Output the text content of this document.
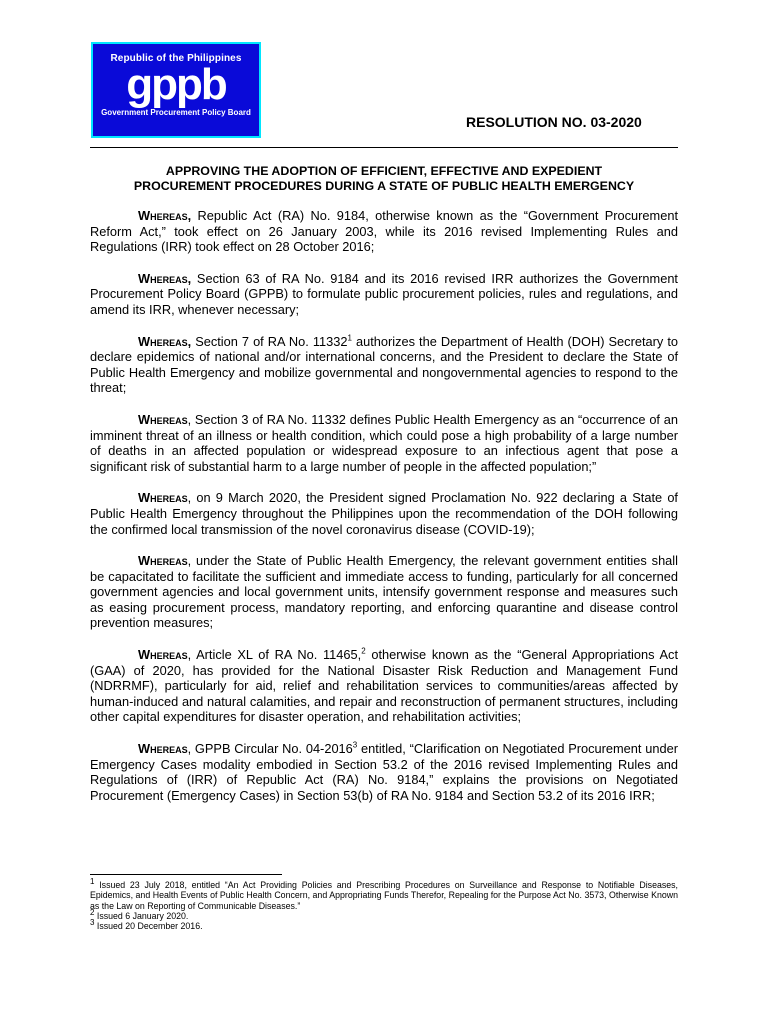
Republic of the Philippines
gppb
Government Procurement Policy Board
RESOLUTION NO. 03-2020
APPROVING THE ADOPTION OF EFFICIENT, EFFECTIVE AND EXPEDIENT
PROCUREMENT PROCEDURES DURING A STATE OF PUBLIC HEALTH EMERGENCY

Whereas, Republic Act (RA) No. 9184, otherwise known as the “Government Procurement Reform Act,” took effect on 26 January 2003, while its 2016 revised Implementing Rules and Regulations (IRR) took effect on 28 October 2016;

Whereas, Section 63 of RA No. 9184 and its 2016 revised IRR authorizes the Government Procurement Policy Board (GPPB) to formulate public procurement policies, rules and regulations, and amend its IRR, whenever necessary;

Whereas, Section 7 of RA No. 11332$^1$ authorizes the Department of Health (DOH) Secretary to declare epidemics of national and/or international concerns, and the President to declare the State of Public Health Emergency and mobilize governmental and nongovernmental agencies to respond to the threat;

Whereas, Section 3 of RA No. 11332 defines Public Health Emergency as an “occurrence of an imminent threat of an illness or health condition, which could pose a high probability of a large number of deaths in an affected population or widespread exposure to an infectious agent that pose a significant risk of substantial harm to a large number of people in the affected population;”

Whereas, on 9 March 2020, the President signed Proclamation No. 922 declaring a State of Public Health Emergency throughout the Philippines upon the recommendation of the DOH following the confirmed local transmission of the novel coronavirus disease (COVID-19);

Whereas, under the State of Public Health Emergency, the relevant government entities shall be capacitated to facilitate the sufficient and immediate access to funding, particularly for all concerned government agencies and local government units, intensify government response and measures such as easing procurement process, mandatory reporting, and enforcing quarantine and disease control prevention measures;

Whereas, Article XL of RA No. 11465,$^2$ otherwise known as the “General Appropriations Act (GAA) of 2020, has provided for the National Disaster Risk Reduction and Management Fund (NDRRMF), particularly for aid, relief and rehabilitation services to communities/areas affected by human-induced and natural calamities, and repair and reconstruction of permanent structures, including other capital expenditures for disaster operation, and rehabilitation activities;

Whereas, GPPB Circular No. 04-2016$^3$ entitled, “Clarification on Negotiated Procurement under Emergency Cases modality embodied in Section 53.2 of the 2016 revised Implementing Rules and Regulations of (IRR) of Republic Act (RA) No. 9184,” explains the provisions on Negotiated Procurement (Emergency Cases) in Section 53(b) of RA No. 9184 and Section 53.2 of its 2016 IRR;

$^1$ Issued 23 July 2018, entitled “An Act Providing Policies and Prescribing Procedures on Surveillance and Response to Notifiable Diseases, Epidemics, and Health Events of Public Health Concern, and Appropriating Funds Therefor, Repealing for the Purpose Act No. 3573, Otherwise Known as the Law on Reporting of Communicable Diseases.”
$^2$ Issued 6 January 2020.
$^3$ Issued 20 December 2016.
